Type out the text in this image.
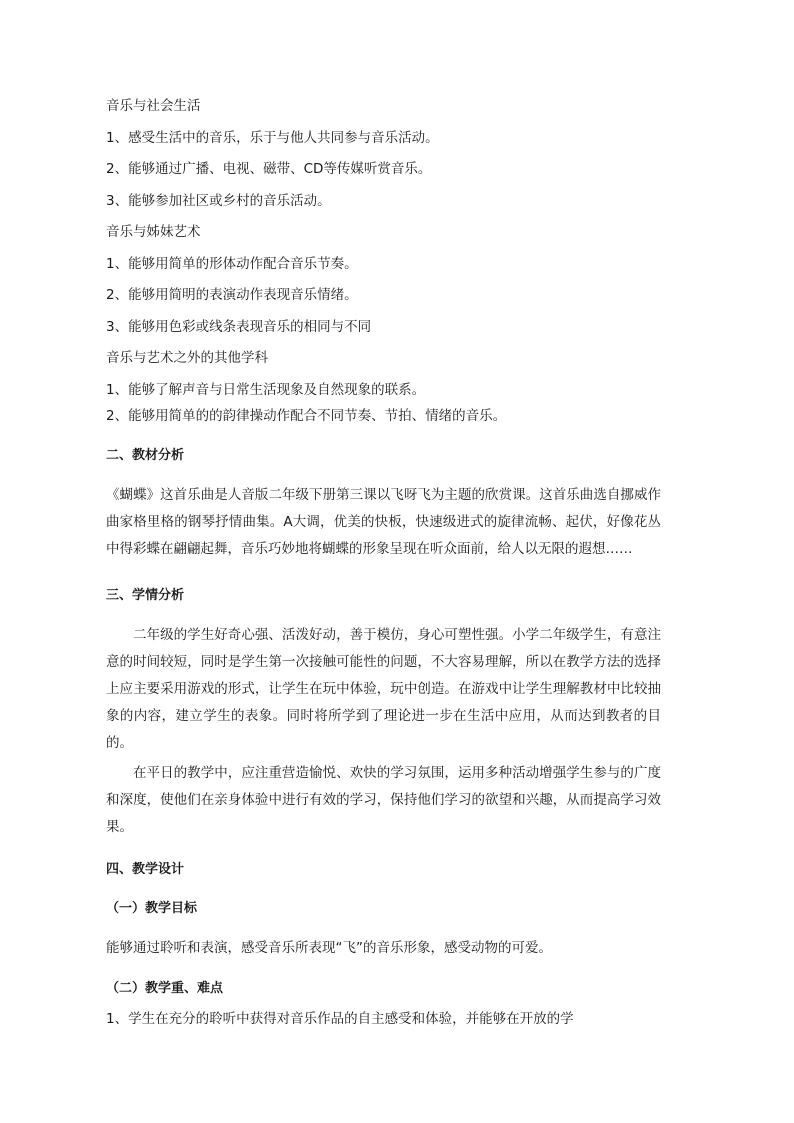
音乐与社会生活
1、感受生活中的音乐，乐于与他人共同参与音乐活动。
2、能够通过广播、电视、磁带、CD等传媒听赏音乐。
3、能够参加社区或乡村的音乐活动。
音乐与姊妹艺术
1、能够用简单的形体动作配合音乐节奏。
2、能够用简明的表演动作表现音乐情绪。
3、能够用色彩或线条表现音乐的相同与不同
音乐与艺术之外的其他学科
1、能够了解声音与日常生活现象及自然现象的联系。
2、能够用简单的的韵律操动作配合不同节奏、节拍、情绪的音乐。
二、教材分析
《蝴蝶》这首乐曲是人音版二年级下册第三课以飞呀飞为主题的欣赏课。这首乐曲选自挪威作曲家格里格的钢琴抒情曲集。A大调，优美的快板，快速级进式的旋律流畅、起伏，好像花丛中得彩蝶在翩翩起舞，音乐巧妙地将蝴蝶的形象呈现在听众面前，给人以无限的遐想……
三、学情分析
二年级的学生好奇心强、活泼好动，善于模仿，身心可塑性强。小学二年级学生，有意注意的时间较短，同时是学生第一次接触可能性的问题，不大容易理解，所以在教学方法的选择上应主要采用游戏的形式，让学生在玩中体验，玩中创造。在游戏中让学生理解教材中比较抽象的内容，建立学生的表象。同时将所学到了理论进一步在生活中应用，从而达到教者的目的。
在平日的教学中，应注重营造愉悦、欢快的学习氛围，运用多种活动增强学生参与的广度和深度，使他们在亲身体验中进行有效的学习，保持他们学习的欲望和兴趣，从而提高学习效果。
四、教学设计
（一）教学目标
能够通过聆听和表演，感受音乐所表现“飞”的音乐形象，感受动物的可爱。
（二）教学重、难点
1、学生在充分的聆听中获得对音乐作品的自主感受和体验，并能够在开放的学
